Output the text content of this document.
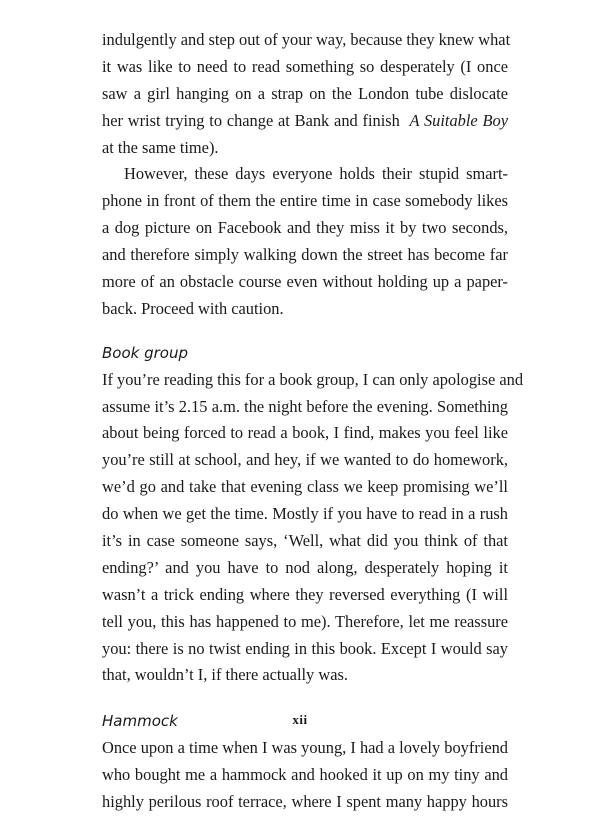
indulgently and step out of your way, because they knew what
it was like to need to read something so desperately (I once
saw a girl hanging on a strap on the London tube dislocate
her wrist trying to change at Bank and finish  A Suitable Boy
at the same time).
However, these days everyone holds their stupid smart-
phone in front of them the entire time in case somebody likes
a dog picture on Facebook and they miss it by two seconds,
and therefore simply walking down the street has become far
more of an obstacle course even without holding up a paper-
back. Proceed with caution.
Book group
If you’re reading this for a book group, I can only apologise and
assume it’s 2.15 a.m. the night before the evening. Something
about being forced to read a book, I find, makes you feel like
you’re still at school, and hey, if we wanted to do homework,
we’d go and take that evening class we keep promising we’ll
do when we get the time. Mostly if you have to read in a rush
it’s in case someone says, ‘Well, what did you think of that
ending?’ and you have to nod along, desperately hoping it
wasn’t a trick ending where they reversed everything (I will
tell you, this has happened to me). Therefore, let me reassure
you: there is no twist ending in this book. Except I would say
that, wouldn’t I, if there actually was.
Hammock
Once upon a time when I was young, I had a lovely boyfriend
who bought me a hammock and hooked it up on my tiny and
highly perilous roof terrace, where I spent many happy hours
xii
